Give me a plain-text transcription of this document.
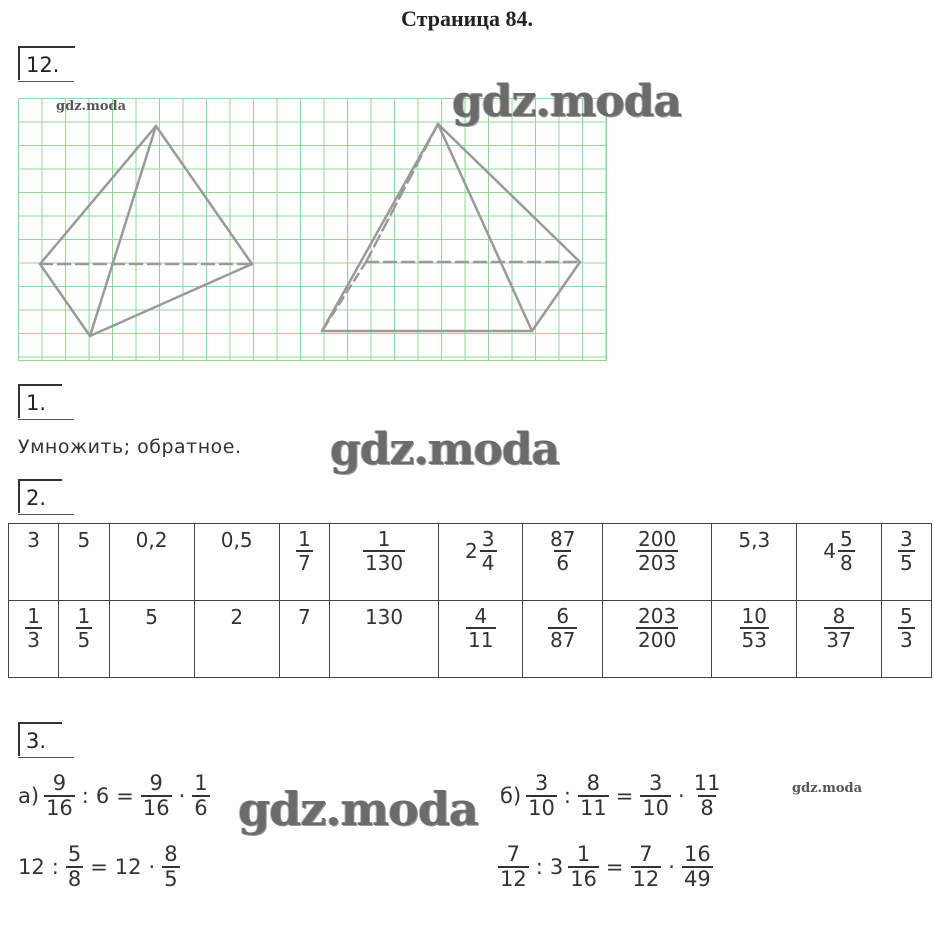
Страница 84.
12.
gdz.moda	gdz.moda
1.
Умножить; обратное. gdz.moda
2.
3	5	0,2	0,5	$\frac{1}{7}$	$\frac{1}{130}$	$2 \frac{3}{4}$	$\frac{87}{6}$	$\frac{200}{203}$	5,3	$4 \frac{5}{8}$	$\frac{3}{5}$

$\frac{1}{3}$	$\frac{1}{5}$	5	2	7	130	$\frac{4}{11}$	$\frac{6}{87}$	$\frac{203}{200}$	$\frac{10}{53}$	$\frac{8}{37}$	$\frac{5}{3}$
3.
$а) \frac{9}{16}$ : $6 = \frac{9}{16} \cdot \frac{1}{6}$
12 : $\frac{5}{8} = 12 \cdot \frac{8}{5}$
gdz.moda $б) \frac{3}{10}$ : $\frac{8}{11} = \frac{3}{10} \cdot \frac{11}{8}$
$\frac{7}{12}$ : $3 \frac{1}{16} = \frac{7}{12} \cdot \frac{16}{49}$
gdz.moda
